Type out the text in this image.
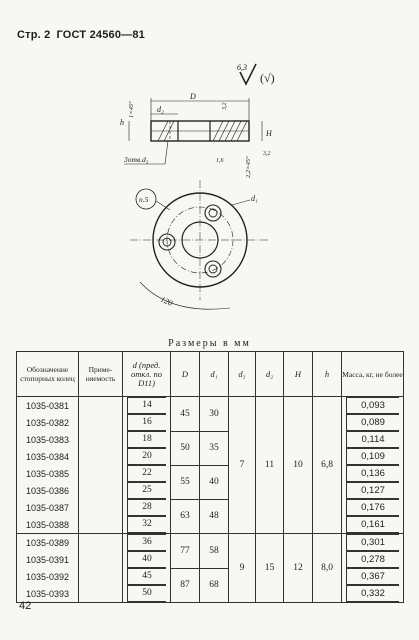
Стр. 2 ГОСТ 24560—81
6,3
(√)
D
d₂
h
H
1×45°
2,2×45°
3,2
3,2
1,6
3отв.d₃
п.5	d₁
120
Размеры в мм
Обозначение стопорных колец	Приме- няемость	d (пред. откл. по D11)	D	d₁	d₃	d₂	H	h	Масса, кг, не более
1035-0381		14	45	30	7	11	10	6,8	0,093

1035-0382		16							0,089

1035-0383		18	50	35					0,114

1035-0384		20							0,109

1035-0385		22	55	40					0,136

1035-0386		25							0,127

1035-0387		28	63	48					0,176

1035-0388		32							0,161

1035-0389		36	77	58	9	15	12	8,0	0,301

1035-0391		40							0,278

1035-0392		45	87	68					0,367

1035-0393		50							0,332
42
